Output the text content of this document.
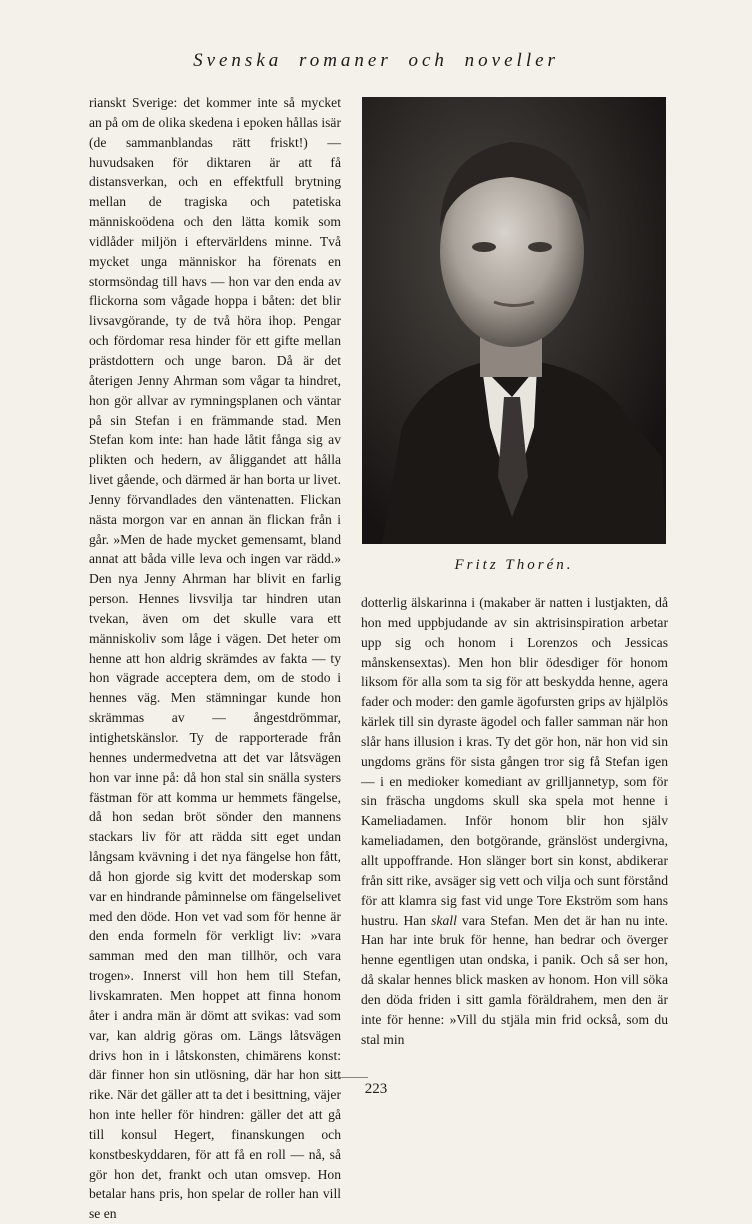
Svenska romaner och noveller

rianskt Sverige: det kommer inte så mycket an på om de olika skedena i epoken hållas isär (de sammanblandas rätt friskt!) — huvudsaken för diktaren är att få distansverkan, och en effektfull brytning mellan de tragiska och patetiska människoödena och den lätta komik som vidlåder miljön i eftervärldens minne. Två mycket unga människor ha förenats en stormsöndag till havs — hon var den enda av flickorna som vågade hoppa i båten: det blir livsavgörande, ty de två höra ihop. Pengar och fördomar resa hinder för ett gifte mellan prästdottern och unge baron. Då är det återigen Jenny Ahrman som vågar ta hindret, hon gör allvar av rymningsplanen och väntar på sin Stefan i en främmande stad. Men Stefan kom inte: han hade låtit fånga sig av plikten och hedern, av åliggandet att hålla livet gående, och därmed är han borta ur livet. Jenny förvandlades den väntenatten. Flickan nästa morgon var en annan än flickan från i går. »Men de hade mycket gemensamt, bland annat att båda ville leva och ingen var rädd.» Den nya Jenny Ahrman har blivit en farlig person. Hennes livsvilja tar hindren utan tvekan, även om det skulle vara ett människoliv som låge i vägen. Det heter om henne att hon aldrig skrämdes av fakta — ty hon vägrade acceptera dem, om de stodo i hennes väg. Men stämningar kunde hon skrämmas av — ångestdrömmar, intighetskänslor. Ty de rapporterade från hennes undermedvetna att det var låtsvägen hon var inne på: då hon stal sin snälla systers fästman för att komma ur hemmets fängelse, då hon sedan bröt sönder den mannens stackars liv för att rädda sitt eget undan långsam kvävning i det nya fängelse hon fått, då hon gjorde sig kvitt det moderskap som var en hindrande påminnelse om fängelselivet med den döde. Hon vet vad som för henne är den enda formeln för verkligt liv: »vara samman med den man tillhör, och vara trogen». Innerst vill hon hem till Stefan, livskamraten. Men hoppet att finna honom åter i andra män är dömt att svikas: vad som var, kan aldrig göras om. Längs låtsvägen drivs hon in i låtskonsten, chimärens konst: där finner hon sin utlösning, där har hon sitt rike. När det gäller att ta det i besittning, väjer hon inte heller för hindren: gäller det att gå till konsul Hegert, finanskungen och konstbeskyddaren, för att få en roll — nå, så gör hon det, frankt och utan omsvep. Hon betalar hans pris, hon spelar de roller han vill se en

Fritz Thorén.

dotterlig älskarinna i (makaber är natten i lustjakten, då hon med uppbjudande av sin aktrisinspiration arbetar upp sig och honom i Lorenzos och Jessicas månskensextas). Men hon blir ödesdiger för honom liksom för alla som ta sig för att beskydda henne, agera fader och moder: den gamle ägofursten grips av hjälplös kärlek till sin dyraste ägodel och faller samman när hon slår hans illusion i kras. Ty det gör hon, när hon vid sin ungdoms gräns för sista gången tror sig få Stefan igen — i en medioker komediant av grilljannetyp, som för sin fräscha ungdoms skull ska spela mot henne i Kameliadamen. Inför honom blir hon själv kameliadamen, den botgörande, gränslöst undergivna, allt uppoffrande. Hon slänger bort sin konst, abdikerar från sitt rike, avsäger sig vett och vilja och sunt förstånd för att klamra sig fast vid unge Tore Ekström som hans hustru. Han skall vara Stefan. Men det är han nu inte. Han har inte bruk för henne, han bedrar och överger henne egentligen utan ondska, i panik. Och så ser hon, då skalar hennes blick masken av honom. Hon vill söka den döda friden i sitt gamla föräldrahem, men den är inte för henne: »Vill du stjäla min frid också, som du stal min

223
